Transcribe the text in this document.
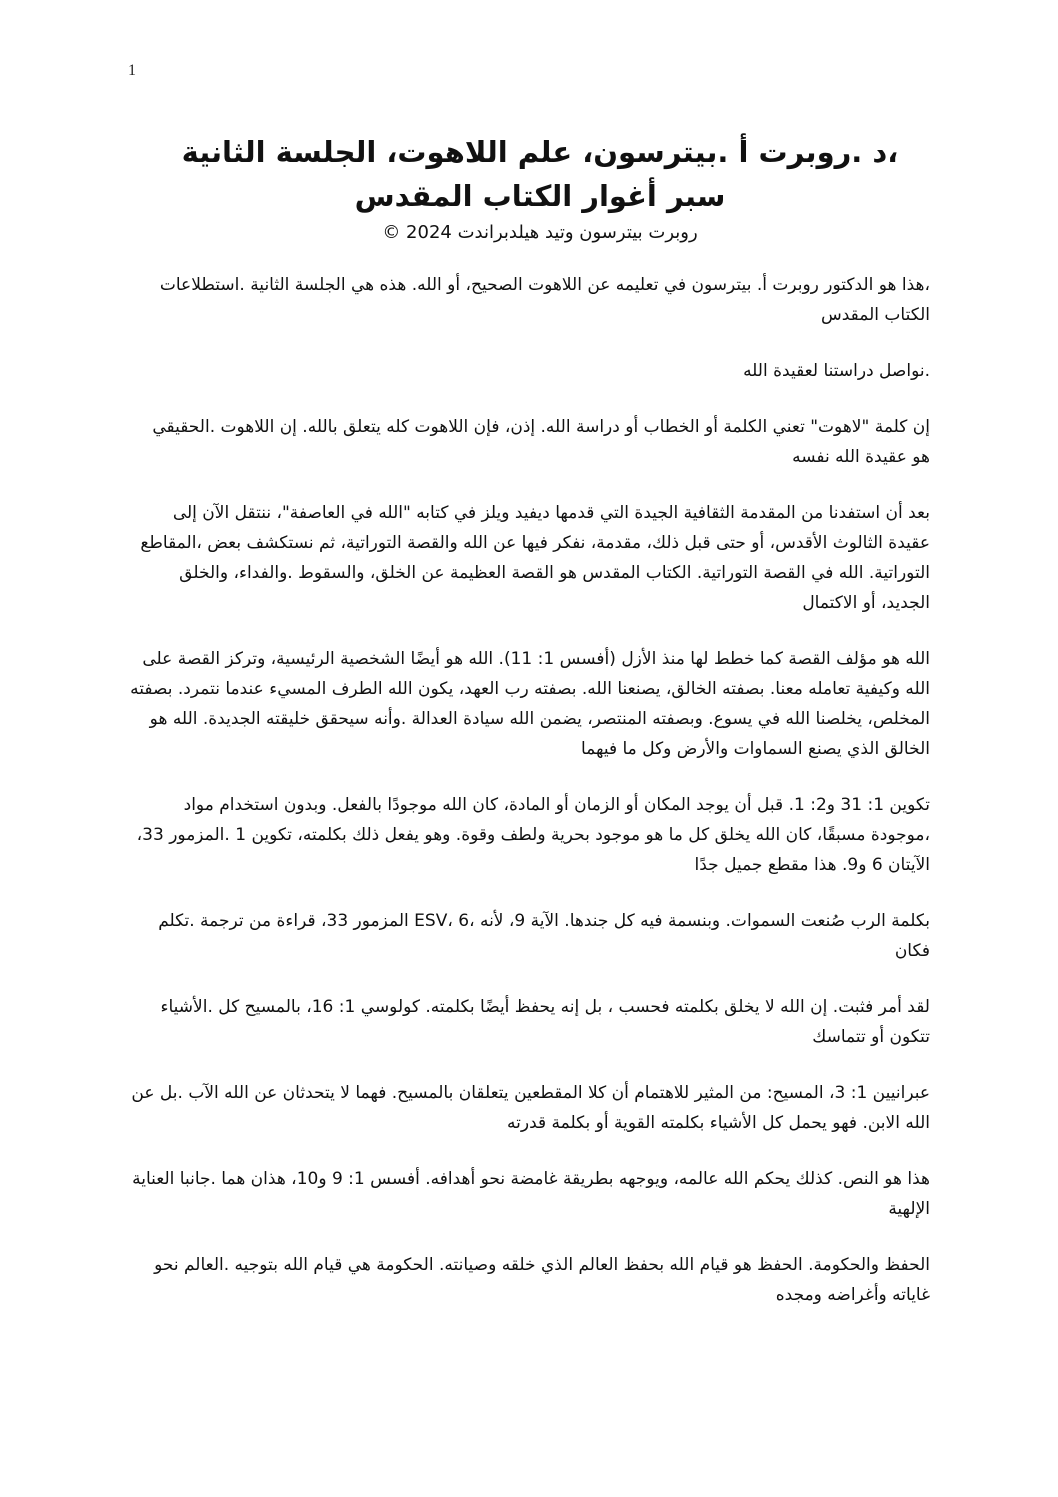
1

،د .روبرت أ .بيترسون، علم اللاهوت، الجلسة الثانية

سبر أغوار الكتاب المقدس

روبرت بيترسون وتيد هيلدبراندت 2024 ©

،هذا هو الدكتور روبرت أ. بيترسون في تعليمه عن اللاهوت الصحيح، أو الله. هذه هي الجلسة الثانية .استطلاعات الكتاب المقدس

.نواصل دراستنا لعقيدة الله

إن كلمة "لاهوت" تعني الكلمة أو الخطاب أو دراسة الله. إذن، فإن اللاهوت كله يتعلق بالله. إن اللاهوت .الحقيقي هو عقيدة الله نفسه

بعد أن استفدنا من المقدمة الثقافية الجيدة التي قدمها ديفيد ويلز في كتابه "الله في العاصفة"، ننتقل الآن إلى عقيدة الثالوث الأقدس، أو حتى قبل ذلك، مقدمة، نفكر فيها عن الله والقصة التوراتية، ثم نستكشف بعض ،المقاطع التوراتية. الله في القصة التوراتية. الكتاب المقدس هو القصة العظيمة عن الخلق، والسقوط .والفداء، والخلق الجديد، أو الاكتمال

الله هو مؤلف القصة كما خطط لها منذ الأزل (أفسس 1: 11). الله هو أيضًا الشخصية الرئيسية، وتركز القصة على الله وكيفية تعامله معنا. بصفته الخالق، يصنعنا الله. بصفته رب العهد، يكون الله الطرف المسيء عندما نتمرد. بصفته المخلص، يخلصنا الله في يسوع. وبصفته المنتصر، يضمن الله سيادة العدالة .وأنه سيحقق خليقته الجديدة. الله هو الخالق الذي يصنع السماوات والأرض وكل ما فيهما

تكوين 1: 31 و2: 1. قبل أن يوجد المكان أو الزمان أو المادة، كان الله موجودًا بالفعل. وبدون استخدام مواد ،موجودة مسبقًا، كان الله يخلق كل ما هو موجود بحرية ولطف وقوة. وهو يفعل ذلك بكلمته، تكوين 1 .المزمور 33، الآيتان 6 و9. هذا مقطع جميل جدًا

بكلمة الرب صُنعت السموات. وبنسمة فيه كل جندها. الآية 9، لأنه ،6 ،ESV المزمور 33، قراءة من ترجمة .تكلم فكان

لقد أمر فثبت. إن الله لا يخلق بكلمته فحسب ، بل إنه يحفظ أيضًا بكلمته. كولوسي 1: 16، بالمسيح كل .الأشياء تتكون أو تتماسك

عبرانيين 1: 3، المسيح: من المثير للاهتمام أن كلا المقطعين يتعلقان بالمسيح. فهما لا يتحدثان عن الله الآب .بل عن الله الابن. فهو يحمل كل الأشياء بكلمته القوية أو بكلمة قدرته

هذا هو النص. كذلك يحكم الله عالمه، ويوجهه بطريقة غامضة نحو أهدافه. أفسس 1: 9 و10، هذان هما .جانبا العناية الإلهية

الحفظ والحكومة. الحفظ هو قيام الله بحفظ العالم الذي خلقه وصيانته. الحكومة هي قيام الله بتوجيه .العالم نحو غاياته وأغراضه ومجده
